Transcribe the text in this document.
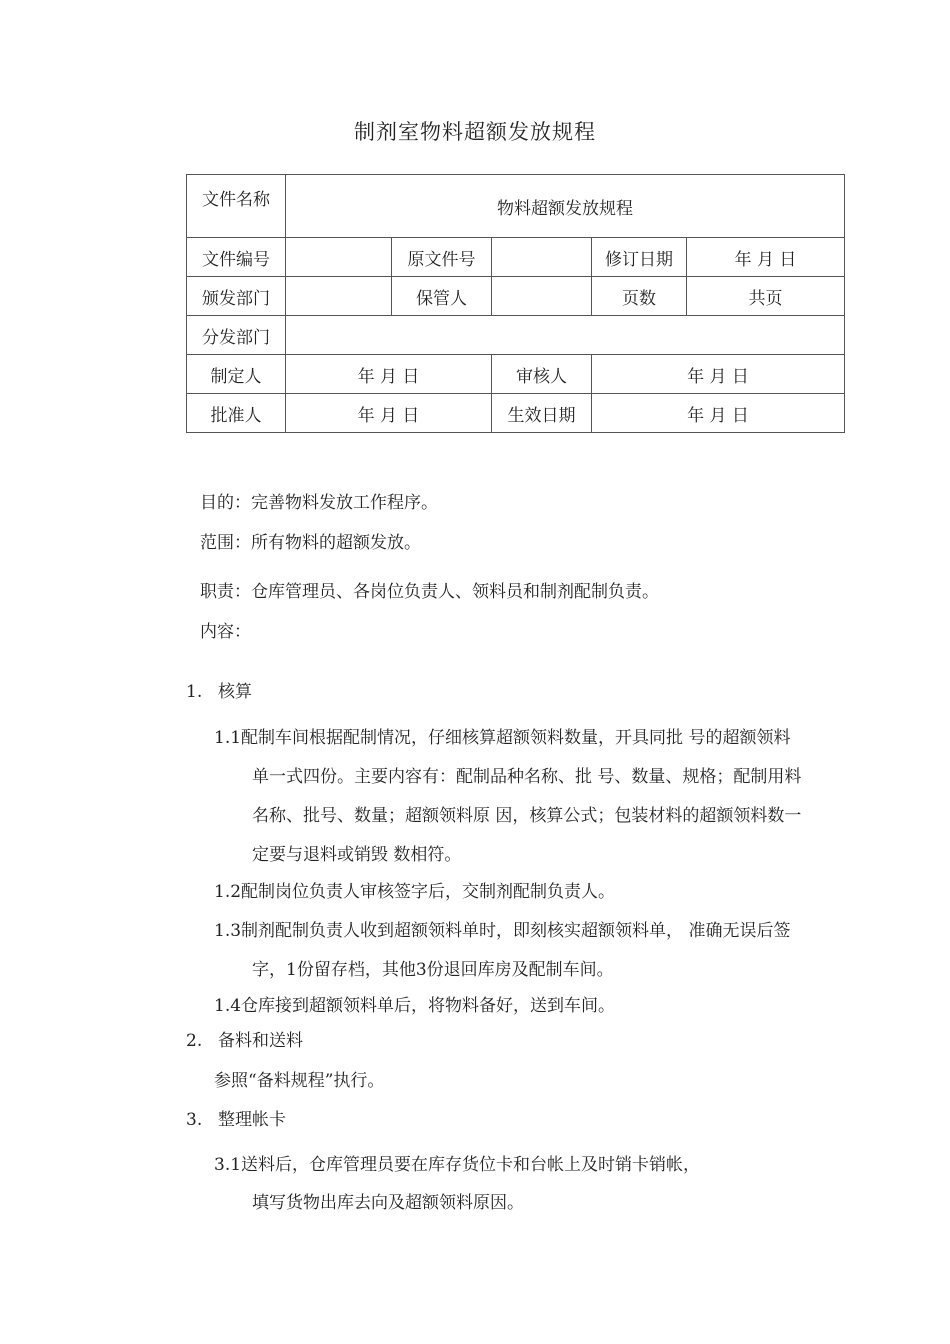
制剂室物料超额发放规程
文件名称	物料超额发放规程				
文件编号		原文件号		修订日期	年 月 日
颁发部门		保管人		页数	共页
分发部门					
制定人	年 月 日		审核人	年 月 日	
批准人	年 月 日		生效日期	年 月 日	
目的：完善物料发放工作程序。
范围：所有物料的超额发放。
职责：仓库管理员、各岗位负责人、领料员和制剂配制负责。
内容：
1. 核算
1.1配制车间根据配制情况，仔细核算超额领料数量，开具同批 号的超额领料
单一式四份。主要内容有：配制品种名称、批 号、数量、规格；配制用料
名称、批号、数量；超额领料原 因，核算公式；包装材料的超额领料数一
定要与退料或销毁 数相符。
1.2配制岗位负责人审核签字后，交制剂配制负责人。
1.3制剂配制负责人收到超额领料单时，即刻核实超额领料单， 准确无误后签
字，1份留存档，其他3份退回库房及配制车间。
1.4仓库接到超额领料单后，将物料备好，送到车间。
2. 备料和送料
参照“备料规程”执行。
3. 整理帐卡
3.1送料后，仓库管理员要在库存货位卡和台帐上及时销卡销帐，
填写货物出库去向及超额领料原因。
